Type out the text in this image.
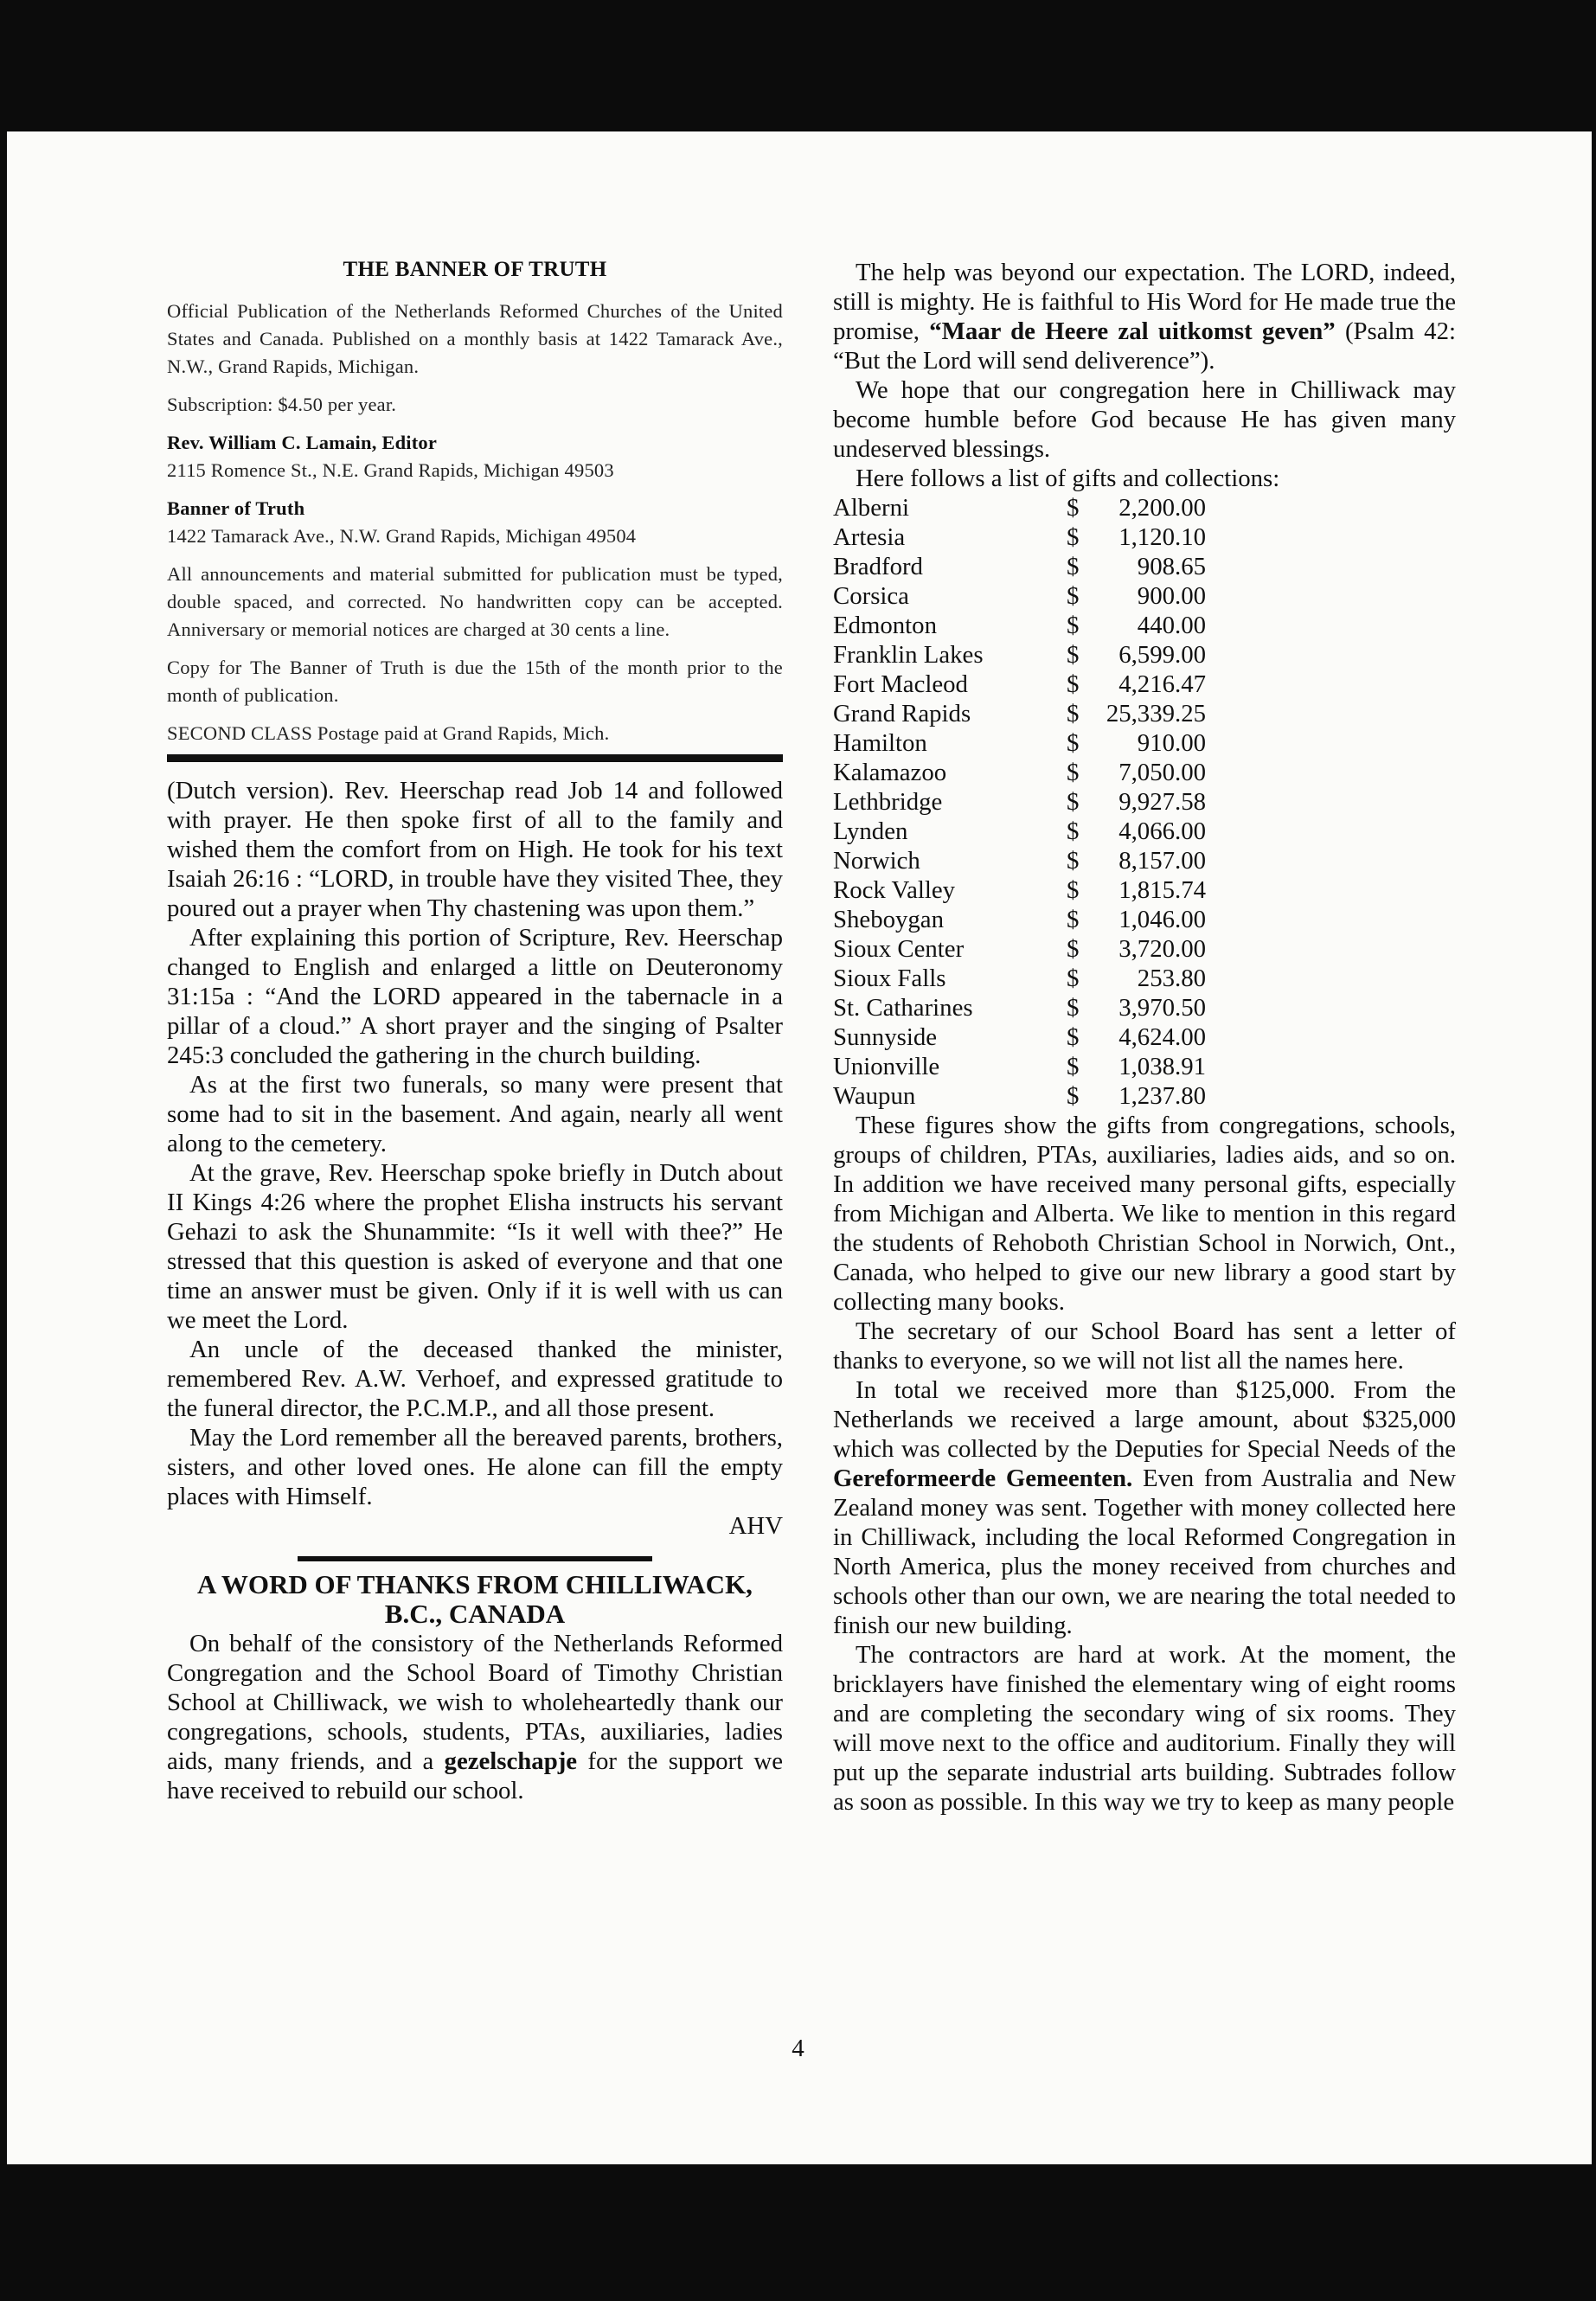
THE BANNER OF TRUTH

Official Publication of the Netherlands Reformed Churches of the United States and Canada. Published on a monthly basis at 1422 Tamarack Ave., N.W., Grand Rapids, Michigan.

Subscription: $4.50 per year.

Rev. William C. Lamain, Editor
2115 Romence St., N.E. Grand Rapids, Michigan 49503

Banner of Truth
1422 Tamarack Ave., N.W. Grand Rapids, Michigan 49504

All announcements and material submitted for publication must be typed, double spaced, and corrected. No handwritten copy can be accepted. Anniversary or memorial notices are charged at 30 cents a line.

Copy for The Banner of Truth is due the 15th of the month prior to the month of publication.

SECOND CLASS Postage paid at Grand Rapids, Mich.

(Dutch version). Rev. Heerschap read Job 14 and followed with prayer. He then spoke first of all to the family and wished them the comfort from on High. He took for his text Isaiah 26:16 : “LORD, in trouble have they visited Thee, they poured out a prayer when Thy chastening was upon them.”

After explaining this portion of Scripture, Rev. Heerschap changed to English and enlarged a little on Deuteronomy 31:15a : “And the LORD appeared in the tabernacle in a pillar of a cloud.” A short prayer and the singing of Psalter 245:3 concluded the gathering in the church building.

As at the first two funerals, so many were present that some had to sit in the basement. And again, nearly all went along to the cemetery.

At the grave, Rev. Heerschap spoke briefly in Dutch about II Kings 4:26 where the prophet Elisha instructs his servant Gehazi to ask the Shunammite: “Is it well with thee?” He stressed that this question is asked of everyone and that one time an answer must be given. Only if it is well with us can we meet the Lord.

An uncle of the deceased thanked the minister, remembered Rev. A.W. Verhoef, and expressed gratitude to the funeral director, the P.C.M.P., and all those present.

May the Lord remember all the bereaved parents, brothers, sisters, and other loved ones. He alone can fill the empty places with Himself.

AHV

A WORD OF THANKS FROM CHILLIWACK, B.C., CANADA

On behalf of the consistory of the Netherlands Reformed Congregation and the School Board of Timothy Christian School at Chilliwack, we wish to wholeheartedly thank our congregations, schools, students, PTAs, auxiliaries, ladies aids, many friends, and a gezelschapje for the support we have received to rebuild our school.

The help was beyond our expectation. The LORD, indeed, still is mighty. He is faithful to His Word for He made true the promise, “Maar de Heere zal uitkomst geven” (Psalm 42: “But the Lord will send deliverence”).

We hope that our congregation here in Chilliwack may become humble before God because He has given many undeserved blessings.

Here follows a list of gifts and collections:

Alberni	$	2,200.00
Artesia	$	1,120.10
Bradford	$	908.65
Corsica	$	900.00
Edmonton	$	440.00
Franklin Lakes	$	6,599.00
Fort Macleod	$	4,216.47
Grand Rapids	$	25,339.25
Hamilton	$	910.00
Kalamazoo	$	7,050.00
Lethbridge	$	9,927.58
Lynden	$	4,066.00
Norwich	$	8,157.00
Rock Valley	$	1,815.74
Sheboygan	$	1,046.00
Sioux Center	$	3,720.00
Sioux Falls	$	253.80
St. Catharines	$	3,970.50
Sunnyside	$	4,624.00
Unionville	$	1,038.91
Waupun	$	1,237.80

These figures show the gifts from congregations, schools, groups of children, PTAs, auxiliaries, ladies aids, and so on. In addition we have received many personal gifts, especially from Michigan and Alberta. We like to mention in this regard the students of Rehoboth Christian School in Norwich, Ont., Canada, who helped to give our new library a good start by collecting many books.

The secretary of our School Board has sent a letter of thanks to everyone, so we will not list all the names here.

In total we received more than $125,000. From the Netherlands we received a large amount, about $325,000 which was collected by the Deputies for Special Needs of the Gereformeerde Gemeenten. Even from Australia and New Zealand money was sent. Together with money collected here in Chilliwack, including the local Reformed Congregation in North America, plus the money received from churches and schools other than our own, we are nearing the total needed to finish our new building.

The contractors are hard at work. At the moment, the bricklayers have finished the elementary wing of eight rooms and are completing the secondary wing of six rooms. They will move next to the office and auditorium. Finally they will put up the separate industrial arts building. Subtrades follow as soon as possible. In this way we try to keep as many people

4
